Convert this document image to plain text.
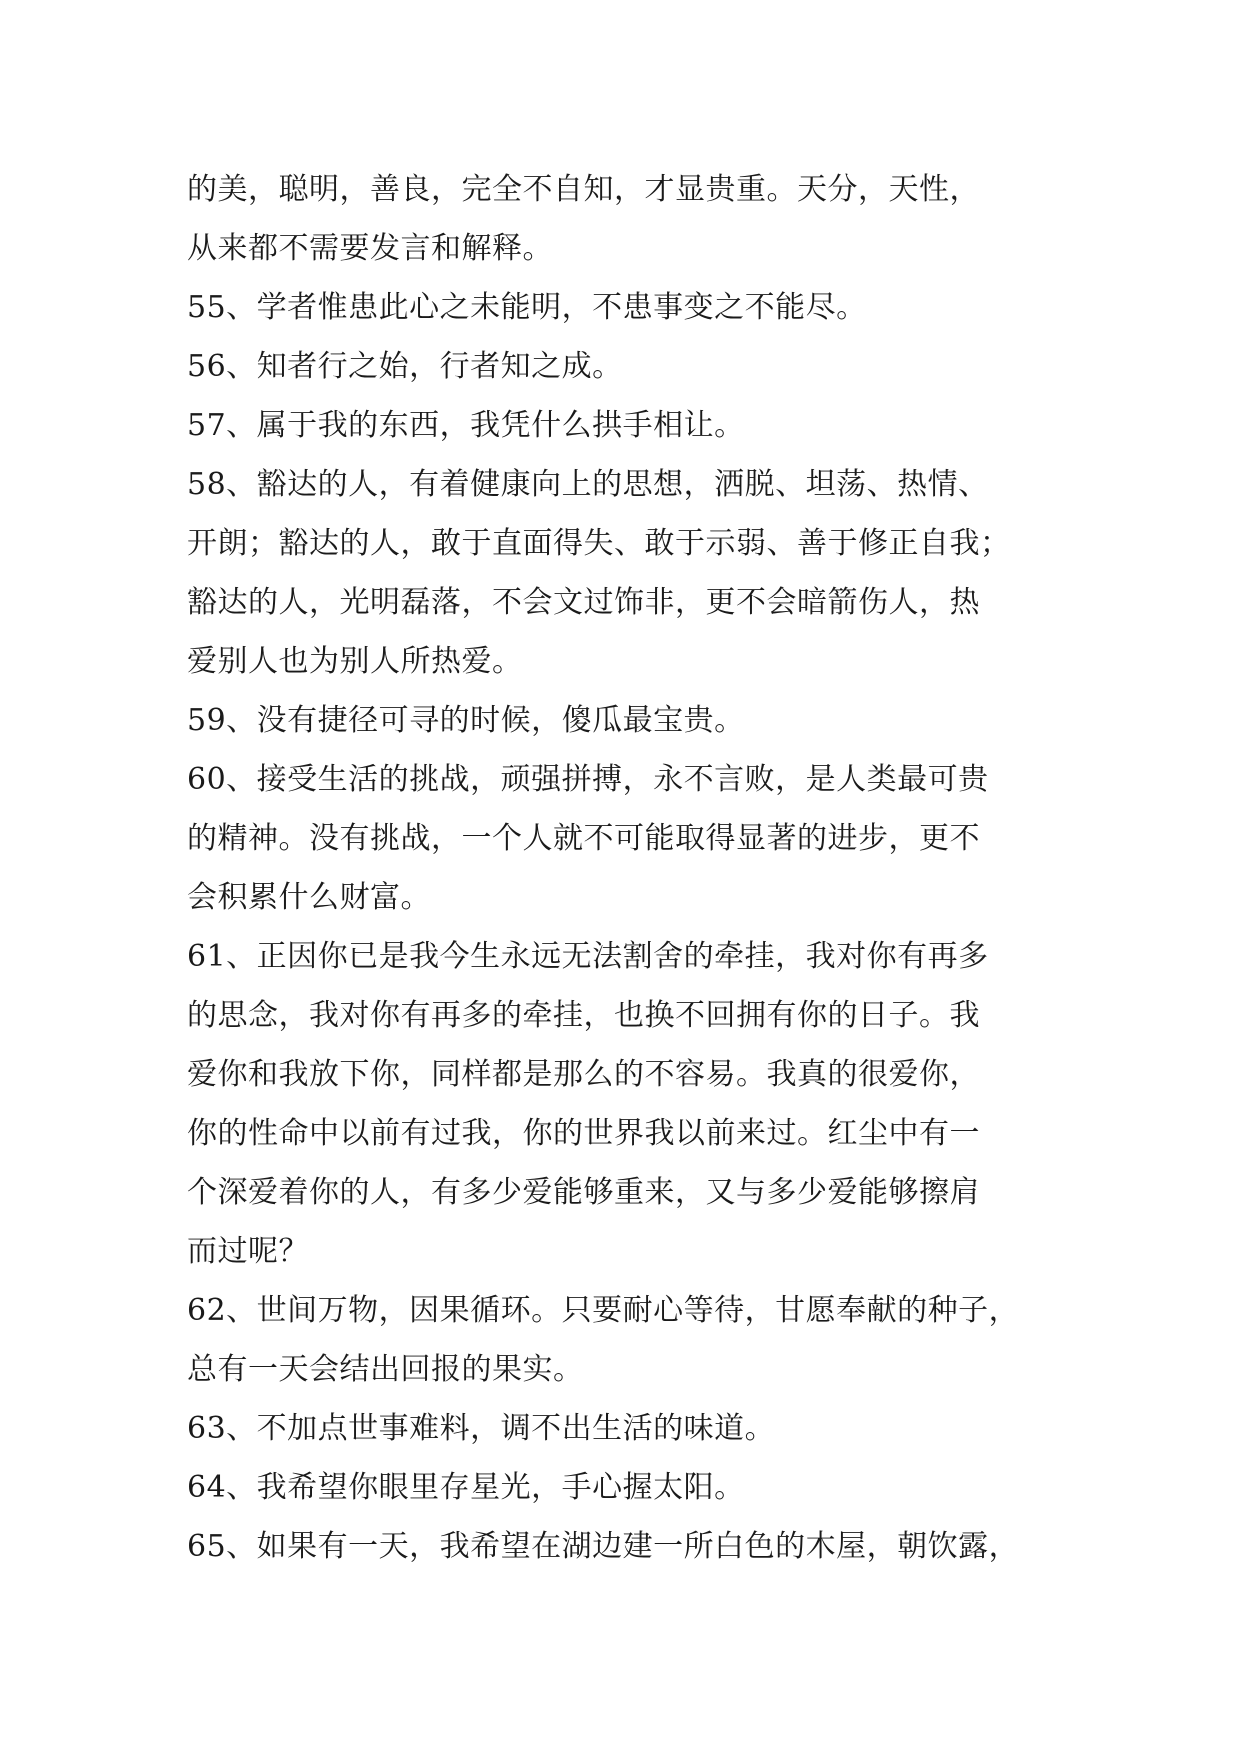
的美，聪明，善良，完全不自知，才显贵重。天分，天性，
从来都不需要发言和解释。
55、学者惟患此心之未能明，不患事变之不能尽。
56、知者行之始，行者知之成。
57、属于我的东西，我凭什么拱手相让。
58、豁达的人，有着健康向上的思想，洒脱、坦荡、热情、
开朗；豁达的人，敢于直面得失、敢于示弱、善于修正自我；
豁达的人，光明磊落，不会文过饰非，更不会暗箭伤人，热
爱别人也为别人所热爱。
59、没有捷径可寻的时候，傻瓜最宝贵。
60、接受生活的挑战，顽强拼搏，永不言败，是人类最可贵
的精神。没有挑战，一个人就不可能取得显著的进步，更不
会积累什么财富。
61、正因你已是我今生永远无法割舍的牵挂，我对你有再多
的思念，我对你有再多的牵挂，也换不回拥有你的日子。我
爱你和我放下你，同样都是那么的不容易。我真的很爱你，
你的性命中以前有过我，你的世界我以前来过。红尘中有一
个深爱着你的人，有多少爱能够重来，又与多少爱能够擦肩
而过呢？
62、世间万物，因果循环。只要耐心等待，甘愿奉献的种子，
总有一天会结出回报的果实。
63、不加点世事难料，调不出生活的味道。
64、我希望你眼里存星光，手心握太阳。
65、如果有一天，我希望在湖边建一所白色的木屋，朝饮露，
